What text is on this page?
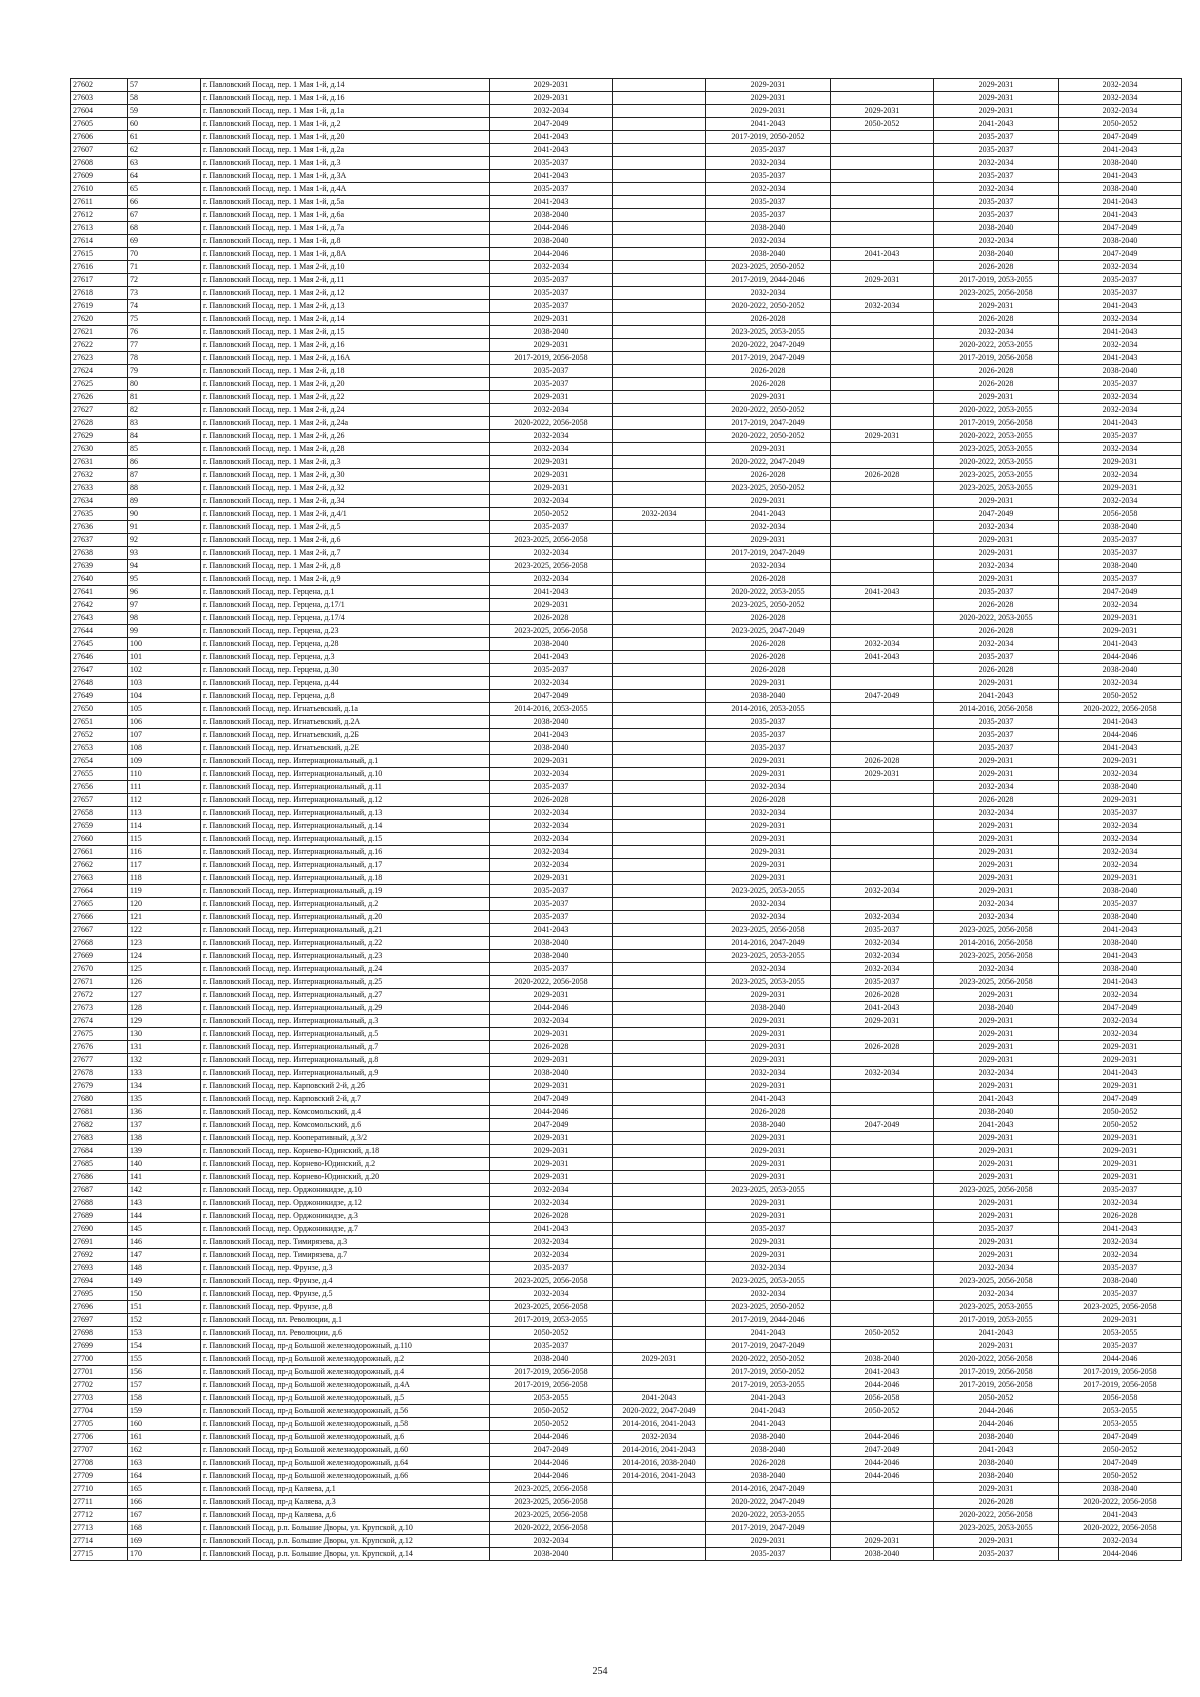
27602	57	г. Павловский Посад, пер. 1 Мая 1-й, д.14	2029-2031		2029-2031		2029-2031	2032-2034
27603	58	г. Павловский Посад, пер. 1 Мая 1-й, д.16	2029-2031		2029-2031		2029-2031	2032-2034
27604	59	г. Павловский Посад, пер. 1 Мая 1-й, д.1а	2032-2034		2029-2031	2029-2031	2029-2031	2032-2034
27605	60	г. Павловский Посад, пер. 1 Мая 1-й, д.2	2047-2049		2041-2043	2050-2052	2041-2043	2050-2052
27606	61	г. Павловский Посад, пер. 1 Мая 1-й, д.20	2041-2043		2017-2019, 2050-2052		2035-2037	2047-2049
27607	62	г. Павловский Посад, пер. 1 Мая 1-й, д.2а	2041-2043		2035-2037		2035-2037	2041-2043
27608	63	г. Павловский Посад, пер. 1 Мая 1-й, д.3	2035-2037		2032-2034		2032-2034	2038-2040
27609	64	г. Павловский Посад, пер. 1 Мая 1-й, д.3А	2041-2043		2035-2037		2035-2037	2041-2043
27610	65	г. Павловский Посад, пер. 1 Мая 1-й, д.4А	2035-2037		2032-2034		2032-2034	2038-2040
27611	66	г. Павловский Посад, пер. 1 Мая 1-й, д.5а	2041-2043		2035-2037		2035-2037	2041-2043
27612	67	г. Павловский Посад, пер. 1 Мая 1-й, д.6а	2038-2040		2035-2037		2035-2037	2041-2043
27613	68	г. Павловский Посад, пер. 1 Мая 1-й, д.7а	2044-2046		2038-2040		2038-2040	2047-2049
27614	69	г. Павловский Посад, пер. 1 Мая 1-й, д.8	2038-2040		2032-2034		2032-2034	2038-2040
27615	70	г. Павловский Посад, пер. 1 Мая 1-й, д.8А	2044-2046		2038-2040	2041-2043	2038-2040	2047-2049
27616	71	г. Павловский Посад, пер. 1 Мая 2-й, д.10	2032-2034		2023-2025, 2050-2052		2026-2028	2032-2034
27617	72	г. Павловский Посад, пер. 1 Мая 2-й, д.11	2035-2037		2017-2019, 2044-2046	2029-2031	2017-2019, 2053-2055	2035-2037
27618	73	г. Павловский Посад, пер. 1 Мая 2-й, д.12	2035-2037		2032-2034		2023-2025, 2056-2058	2035-2037
27619	74	г. Павловский Посад, пер. 1 Мая 2-й, д.13	2035-2037		2020-2022, 2050-2052	2032-2034	2029-2031	2041-2043
27620	75	г. Павловский Посад, пер. 1 Мая 2-й, д.14	2029-2031		2026-2028		2026-2028	2032-2034
27621	76	г. Павловский Посад, пер. 1 Мая 2-й, д.15	2038-2040		2023-2025, 2053-2055		2032-2034	2041-2043
27622	77	г. Павловский Посад, пер. 1 Мая 2-й, д.16	2029-2031		2020-2022, 2047-2049		2020-2022, 2053-2055	2032-2034
27623	78	г. Павловский Посад, пер. 1 Мая 2-й, д.16А	2017-2019, 2056-2058		2017-2019, 2047-2049		2017-2019, 2056-2058	2041-2043
27624	79	г. Павловский Посад, пер. 1 Мая 2-й, д.18	2035-2037		2026-2028		2026-2028	2038-2040
27625	80	г. Павловский Посад, пер. 1 Мая 2-й, д.20	2035-2037		2026-2028		2026-2028	2035-2037
27626	81	г. Павловский Посад, пер. 1 Мая 2-й, д.22	2029-2031		2029-2031		2029-2031	2032-2034
27627	82	г. Павловский Посад, пер. 1 Мая 2-й, д.24	2032-2034		2020-2022, 2050-2052		2020-2022, 2053-2055	2032-2034
27628	83	г. Павловский Посад, пер. 1 Мая 2-й, д.24а	2020-2022, 2056-2058		2017-2019, 2047-2049		2017-2019, 2056-2058	2041-2043
27629	84	г. Павловский Посад, пер. 1 Мая 2-й, д.26	2032-2034		2020-2022, 2050-2052	2029-2031	2020-2022, 2053-2055	2035-2037
27630	85	г. Павловский Посад, пер. 1 Мая 2-й, д.28	2032-2034		2029-2031		2023-2025, 2053-2055	2032-2034
27631	86	г. Павловский Посад, пер. 1 Мая 2-й, д.3	2029-2031		2020-2022, 2047-2049		2020-2022, 2053-2055	2029-2031
27632	87	г. Павловский Посад, пер. 1 Мая 2-й, д.30	2029-2031		2026-2028	2026-2028	2023-2025, 2053-2055	2032-2034
27633	88	г. Павловский Посад, пер. 1 Мая 2-й, д.32	2029-2031		2023-2025, 2050-2052		2023-2025, 2053-2055	2029-2031
27634	89	г. Павловский Посад, пер. 1 Мая 2-й, д.34	2032-2034		2029-2031		2029-2031	2032-2034
27635	90	г. Павловский Посад, пер. 1 Мая 2-й, д.4/1	2050-2052	2032-2034	2041-2043		2047-2049	2056-2058
27636	91	г. Павловский Посад, пер. 1 Мая 2-й, д.5	2035-2037		2032-2034		2032-2034	2038-2040
27637	92	г. Павловский Посад, пер. 1 Мая 2-й, д.6	2023-2025, 2056-2058		2029-2031		2029-2031	2035-2037
27638	93	г. Павловский Посад, пер. 1 Мая 2-й, д.7	2032-2034		2017-2019, 2047-2049		2029-2031	2035-2037
27639	94	г. Павловский Посад, пер. 1 Мая 2-й, д.8	2023-2025, 2056-2058		2032-2034		2032-2034	2038-2040
27640	95	г. Павловский Посад, пер. 1 Мая 2-й, д.9	2032-2034		2026-2028		2029-2031	2035-2037
27641	96	г. Павловский Посад, пер. Герцена, д.1	2041-2043		2020-2022, 2053-2055	2041-2043	2035-2037	2047-2049
27642	97	г. Павловский Посад, пер. Герцена, д.17/1	2029-2031		2023-2025, 2050-2052		2026-2028	2032-2034
27643	98	г. Павловский Посад, пер. Герцена, д.17/4	2026-2028		2026-2028		2020-2022, 2053-2055	2029-2031
27644	99	г. Павловский Посад, пер. Герцена, д.23	2023-2025, 2056-2058		2023-2025, 2047-2049		2026-2028	2029-2031
27645	100	г. Павловский Посад, пер. Герцена, д.28	2038-2040		2026-2028	2032-2034	2032-2034	2041-2043
27646	101	г. Павловский Посад, пер. Герцена, д.3	2041-2043		2026-2028	2041-2043	2035-2037	2044-2046
27647	102	г. Павловский Посад, пер. Герцена, д.30	2035-2037		2026-2028		2026-2028	2038-2040
27648	103	г. Павловский Посад, пер. Герцена, д.44	2032-2034		2029-2031		2029-2031	2032-2034
27649	104	г. Павловский Посад, пер. Герцена, д.8	2047-2049		2038-2040	2047-2049	2041-2043	2050-2052
27650	105	г. Павловский Посад, пер. Игнатьевский, д.1а	2014-2016, 2053-2055		2014-2016, 2053-2055		2014-2016, 2056-2058	2020-2022, 2056-2058
27651	106	г. Павловский Посад, пер. Игнатьевский, д.2А	2038-2040		2035-2037		2035-2037	2041-2043
27652	107	г. Павловский Посад, пер. Игнатьевский, д.2Б	2041-2043		2035-2037		2035-2037	2044-2046
27653	108	г. Павловский Посад, пер. Игнатьевский, д.2Е	2038-2040		2035-2037		2035-2037	2041-2043
27654	109	г. Павловский Посад, пер. Интернациональный, д.1	2029-2031		2029-2031	2026-2028	2029-2031	2029-2031
27655	110	г. Павловский Посад, пер. Интернациональный, д.10	2032-2034		2029-2031	2029-2031	2029-2031	2032-2034
27656	111	г. Павловский Посад, пер. Интернациональный, д.11	2035-2037		2032-2034		2032-2034	2038-2040
27657	112	г. Павловский Посад, пер. Интернациональный, д.12	2026-2028		2026-2028		2026-2028	2029-2031
27658	113	г. Павловский Посад, пер. Интернациональный, д.13	2032-2034		2032-2034		2032-2034	2035-2037
27659	114	г. Павловский Посад, пер. Интернациональный, д.14	2032-2034		2029-2031		2029-2031	2032-2034
27660	115	г. Павловский Посад, пер. Интернациональный, д.15	2032-2034		2029-2031		2029-2031	2032-2034
27661	116	г. Павловский Посад, пер. Интернациональный, д.16	2032-2034		2029-2031		2029-2031	2032-2034
27662	117	г. Павловский Посад, пер. Интернациональный, д.17	2032-2034		2029-2031		2029-2031	2032-2034
27663	118	г. Павловский Посад, пер. Интернациональный, д.18	2029-2031		2029-2031		2029-2031	2029-2031
27664	119	г. Павловский Посад, пер. Интернациональный, д.19	2035-2037		2023-2025, 2053-2055	2032-2034	2029-2031	2038-2040
27665	120	г. Павловский Посад, пер. Интернациональный, д.2	2035-2037		2032-2034		2032-2034	2035-2037
27666	121	г. Павловский Посад, пер. Интернациональный, д.20	2035-2037		2032-2034	2032-2034	2032-2034	2038-2040
27667	122	г. Павловский Посад, пер. Интернациональный, д.21	2041-2043		2023-2025, 2056-2058	2035-2037	2023-2025, 2056-2058	2041-2043
27668	123	г. Павловский Посад, пер. Интернациональный, д.22	2038-2040		2014-2016, 2047-2049	2032-2034	2014-2016, 2056-2058	2038-2040
27669	124	г. Павловский Посад, пер. Интернациональный, д.23	2038-2040		2023-2025, 2053-2055	2032-2034	2023-2025, 2056-2058	2041-2043
27670	125	г. Павловский Посад, пер. Интернациональный, д.24	2035-2037		2032-2034	2032-2034	2032-2034	2038-2040
27671	126	г. Павловский Посад, пер. Интернациональный, д.25	2020-2022, 2056-2058		2023-2025, 2053-2055	2035-2037	2023-2025, 2056-2058	2041-2043
27672	127	г. Павловский Посад, пер. Интернациональный, д.27	2029-2031		2029-2031	2026-2028	2029-2031	2032-2034
27673	128	г. Павловский Посад, пер. Интернациональный, д.29	2044-2046		2038-2040	2041-2043	2038-2040	2047-2049
27674	129	г. Павловский Посад, пер. Интернациональный, д.3	2032-2034		2029-2031	2029-2031	2029-2031	2032-2034
27675	130	г. Павловский Посад, пер. Интернациональный, д.5	2029-2031		2029-2031		2029-2031	2032-2034
27676	131	г. Павловский Посад, пер. Интернациональный, д.7	2026-2028		2029-2031	2026-2028	2029-2031	2029-2031
27677	132	г. Павловский Посад, пер. Интернациональный, д.8	2029-2031		2029-2031		2029-2031	2029-2031
27678	133	г. Павловский Посад, пер. Интернациональный, д.9	2038-2040		2032-2034	2032-2034	2032-2034	2041-2043
27679	134	г. Павловский Посад, пер. Карповский 2-й, д.2б	2029-2031		2029-2031		2029-2031	2029-2031
27680	135	г. Павловский Посад, пер. Карповский 2-й, д.7	2047-2049		2041-2043		2041-2043	2047-2049
27681	136	г. Павловский Посад, пер. Комсомольский, д.4	2044-2046		2026-2028		2038-2040	2050-2052
27682	137	г. Павловский Посад, пер. Комсомольский, д.6	2047-2049		2038-2040	2047-2049	2041-2043	2050-2052
27683	138	г. Павловский Посад, пер. Кооперативный, д.3/2	2029-2031		2029-2031		2029-2031	2029-2031
27684	139	г. Павловский Посад, пер. Корнево-Юдинский, д.18	2029-2031		2029-2031		2029-2031	2029-2031
27685	140	г. Павловский Посад, пер. Корнево-Юдинский, д.2	2029-2031		2029-2031		2029-2031	2029-2031
27686	141	г. Павловский Посад, пер. Корнево-Юдинский, д.20	2029-2031		2029-2031		2029-2031	2029-2031
27687	142	г. Павловский Посад, пер. Орджоникидзе, д.10	2032-2034		2023-2025, 2053-2055		2023-2025, 2056-2058	2035-2037
27688	143	г. Павловский Посад, пер. Орджоникидзе, д.12	2032-2034		2029-2031		2029-2031	2032-2034
27689	144	г. Павловский Посад, пер. Орджоникидзе, д.3	2026-2028		2029-2031		2029-2031	2026-2028
27690	145	г. Павловский Посад, пер. Орджоникидзе, д.7	2041-2043		2035-2037		2035-2037	2041-2043
27691	146	г. Павловский Посад, пер. Тимирязева, д.3	2032-2034		2029-2031		2029-2031	2032-2034
27692	147	г. Павловский Посад, пер. Тимирязева, д.7	2032-2034		2029-2031		2029-2031	2032-2034
27693	148	г. Павловский Посад, пер. Фрунзе, д.3	2035-2037		2032-2034		2032-2034	2035-2037
27694	149	г. Павловский Посад, пер. Фрунзе, д.4	2023-2025, 2056-2058		2023-2025, 2053-2055		2023-2025, 2056-2058	2038-2040
27695	150	г. Павловский Посад, пер. Фрунзе, д.5	2032-2034		2032-2034		2032-2034	2035-2037
27696	151	г. Павловский Посад, пер. Фрунзе, д.8	2023-2025, 2056-2058		2023-2025, 2050-2052		2023-2025, 2053-2055	2023-2025, 2056-2058
27697	152	г. Павловский Посад, пл. Революции, д.1	2017-2019, 2053-2055		2017-2019, 2044-2046		2017-2019, 2053-2055	2029-2031
27698	153	г. Павловский Посад, пл. Революции, д.6	2050-2052		2041-2043	2050-2052	2041-2043	2053-2055
27699	154	г. Павловский Посад, пр-д Большой железнодорожный, д.110	2035-2037		2017-2019, 2047-2049		2029-2031	2035-2037
27700	155	г. Павловский Посад, пр-д Большой железнодорожный, д.2	2038-2040	2029-2031	2020-2022, 2050-2052	2038-2040	2020-2022, 2056-2058	2044-2046
27701	156	г. Павловский Посад, пр-д Большой железнодорожный, д.4	2017-2019, 2056-2058		2017-2019, 2050-2052	2041-2043	2017-2019, 2056-2058	2017-2019, 2056-2058
27702	157	г. Павловский Посад, пр-д Большой железнодорожный, д.4А	2017-2019, 2056-2058		2017-2019, 2053-2055	2044-2046	2017-2019, 2056-2058	2017-2019, 2056-2058
27703	158	г. Павловский Посад, пр-д Большой железнодорожный, д.5	2053-2055	2041-2043	2041-2043	2056-2058	2050-2052	2056-2058
27704	159	г. Павловский Посад, пр-д Большой железнодорожный, д.56	2050-2052	2020-2022, 2047-2049	2041-2043	2050-2052	2044-2046	2053-2055
27705	160	г. Павловский Посад, пр-д Большой железнодорожный, д.58	2050-2052	2014-2016, 2041-2043	2041-2043		2044-2046	2053-2055
27706	161	г. Павловский Посад, пр-д Большой железнодорожный, д.6	2044-2046	2032-2034	2038-2040	2044-2046	2038-2040	2047-2049
27707	162	г. Павловский Посад, пр-д Большой железнодорожный, д.60	2047-2049	2014-2016, 2041-2043	2038-2040	2047-2049	2041-2043	2050-2052
27708	163	г. Павловский Посад, пр-д Большой железнодорожный, д.64	2044-2046	2014-2016, 2038-2040	2026-2028	2044-2046	2038-2040	2047-2049
27709	164	г. Павловский Посад, пр-д Большой железнодорожный, д.66	2044-2046	2014-2016, 2041-2043	2038-2040	2044-2046	2038-2040	2050-2052
27710	165	г. Павловский Посад, пр-д Каляева, д.1	2023-2025, 2056-2058		2014-2016, 2047-2049		2029-2031	2038-2040
27711	166	г. Павловский Посад, пр-д Каляева, д.3	2023-2025, 2056-2058		2020-2022, 2047-2049		2026-2028	2020-2022, 2056-2058
27712	167	г. Павловский Посад, пр-д Каляева, д.6	2023-2025, 2056-2058		2020-2022, 2053-2055		2020-2022, 2056-2058	2041-2043
27713	168	г. Павловский Посад, р.п. Большие Дворы, ул. Крупской, д.10	2020-2022, 2056-2058		2017-2019, 2047-2049		2023-2025, 2053-2055	2020-2022, 2056-2058
27714	169	г. Павловский Посад, р.п. Большие Дворы, ул. Крупской, д.12	2032-2034		2029-2031	2029-2031	2029-2031	2032-2034
27715	170	г. Павловский Посад, р.п. Большие Дворы, ул. Крупской, д.14	2038-2040		2035-2037	2038-2040	2035-2037	2044-2046
254
